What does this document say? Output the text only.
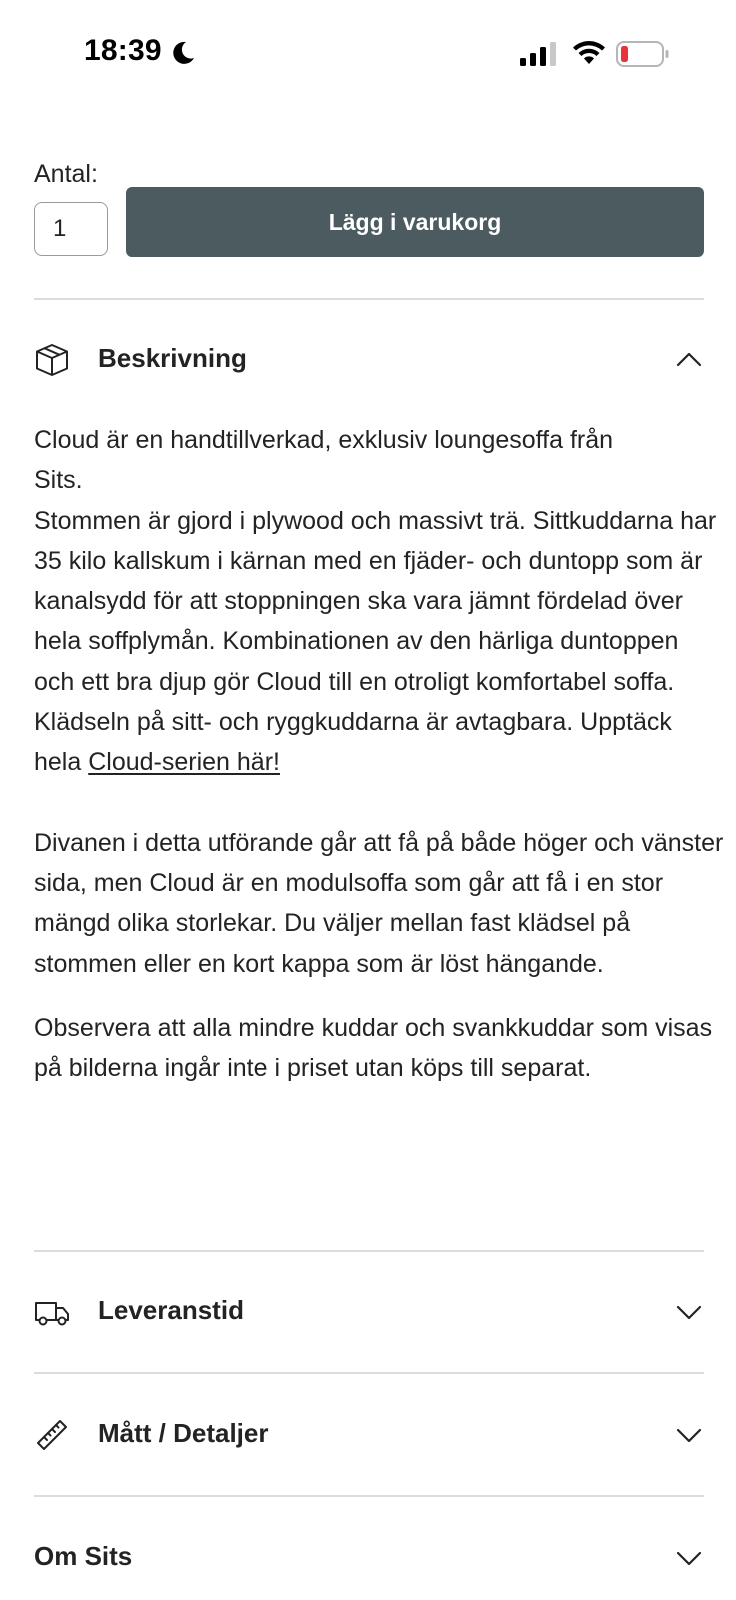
18:39
Antal:
1
Lägg i varukorg
Beskrivning

Cloud är en handtillverkad, exklusiv loungesoffa från
Sits.
Stommen är gjord i plywood och massivt trä. Sittkuddarna har 35 kilo kallskum i kärnan med en fjäder- och duntopp som är kanalsydd för att stoppningen ska vara jämnt fördelad över hela soffplymån. Kombinationen av den härliga duntoppen och ett bra djup gör Cloud till en otroligt komfortabel soffa. Klädseln på sitt- och ryggkuddarna är avtagbara. Upptäck hela Cloud-serien här!

Divanen i detta utförande går att få på både höger och vänster sida, men Cloud är en modulsoffa som går att få i en stor mängd olika storlekar. Du väljer mellan fast klädsel på stommen eller en kort kappa som är löst hängande.

Observera att alla mindre kuddar och svankkuddar som visas på bilderna ingår inte i priset utan köps till separat.

Leveranstid
Mått / Detaljer
Om Sits
